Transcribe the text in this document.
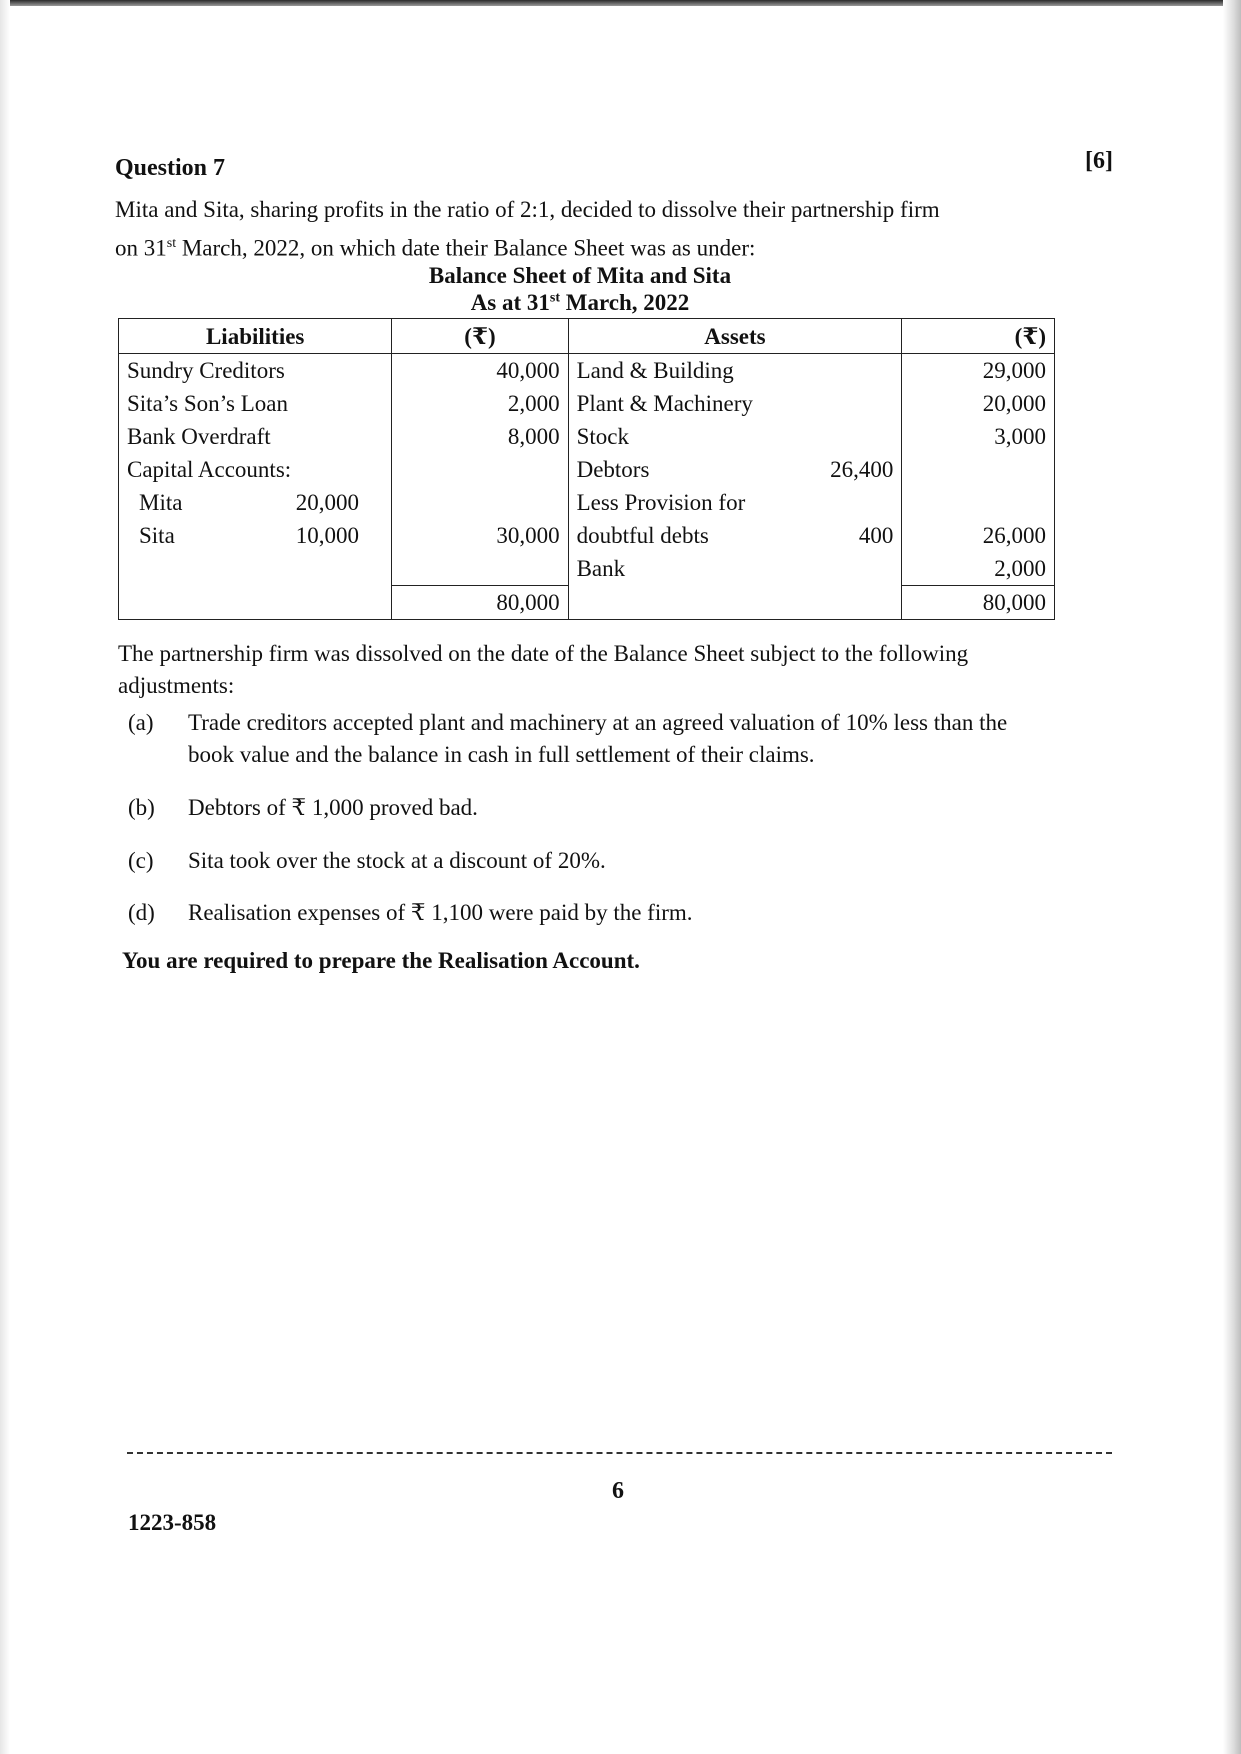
Question 7	[6]
Mita and Sita, sharing profits in the ratio of 2:1, decided to dissolve their partnership firm
on 31st March, 2022, on which date their Balance Sheet was as under:
Balance Sheet of Mita and Sita
As at 31st March, 2022
Liabilities	(₹)	Assets		(₹)
Sundry Creditors	40,000	Land & Building		29,000
Sita’s Son’s Loan	2,000	Plant & Machinery		20,000
Bank Overdraft	8,000	Stock		3,000
Capital Accounts:		Debtors	26,400	
Mita 20,000		Less Provision for		
Sita 10,000	30,000	doubtful debts	400	26,000
		Bank		2,000
	80,000			80,000
The partnership firm was dissolved on the date of the Balance Sheet subject to the following adjustments:
(a)	Trade creditors accepted plant and machinery at an agreed valuation of 10% less than the book value and the balance in cash in full settlement of their claims.
(b)	Debtors of ₹ 1,000 proved bad.
(c)	Sita took over the stock at a discount of 20%.
(d)	Realisation expenses of ₹ 1,100 were paid by the firm.
You are required to prepare the Realisation Account.
6
1223-858
